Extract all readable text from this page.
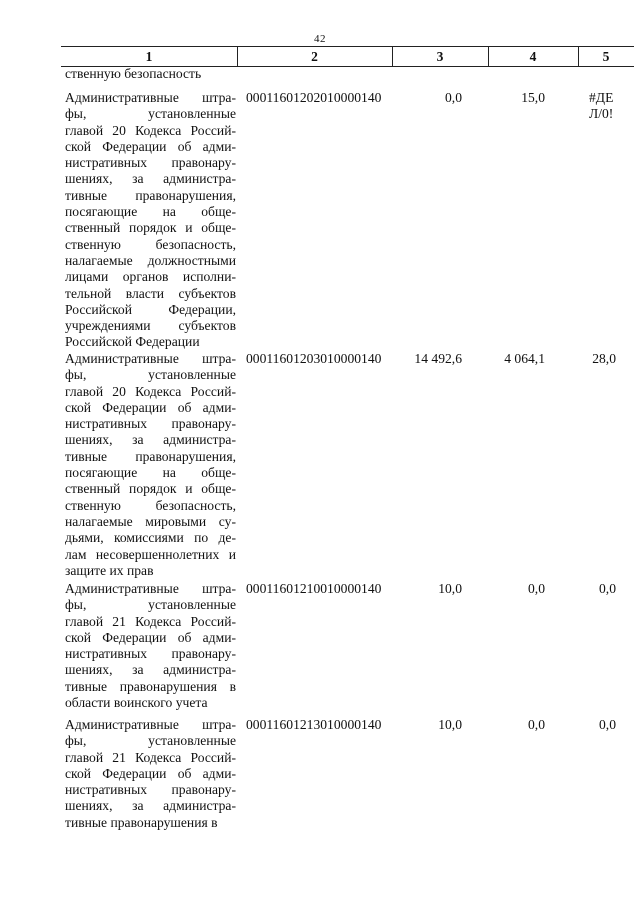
42
1	2	3	4	5
ственную безопасность
Административные штра-
фы, установленные
главой 20 Кодекса Россий-
ской Федерации об адми-
нистративных правонару-
шениях, за администра-
тивные правонарушения,
посягающие на обще-
ственный порядок и обще-
ственную безопасность,
налагаемые должностными
лицами органов исполни-
тельной власти субъектов
Российской Федерации,
учреждениями субъектов
Российской Федерации
00011601202010000140	0,0	15,0	#ДЕ
Л/0!
Административные штра-
фы, установленные
главой 20 Кодекса Россий-
ской Федерации об адми-
нистративных правонару-
шениях, за администра-
тивные правонарушения,
посягающие на обще-
ственный порядок и обще-
ственную безопасность,
налагаемые мировыми су-
дьями, комиссиями по де-
лам несовершеннолетних и
защите их прав
00011601203010000140	14 492,6	4 064,1	28,0
Административные штра-
фы, установленные
главой 21 Кодекса Россий-
ской Федерации об адми-
нистративных правонару-
шениях, за администра-
тивные правонарушения в
области воинского учета
00011601210010000140	10,0	0,0	0,0
Административные штра-
фы, установленные
главой 21 Кодекса Россий-
ской Федерации об адми-
нистративных правонару-
шениях, за администра-
тивные правонарушения в
00011601213010000140	10,0	0,0	0,0
